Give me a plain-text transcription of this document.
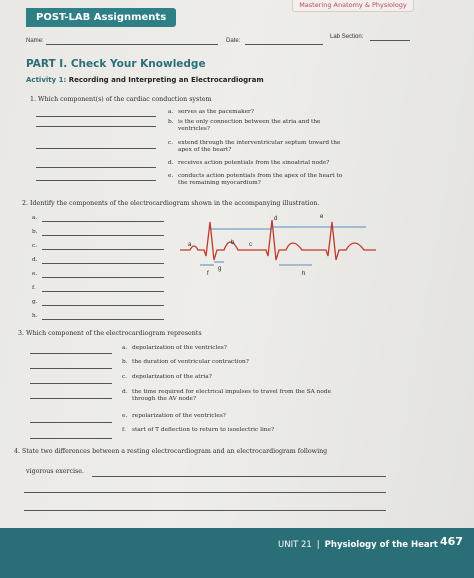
Mastering Anatomy & Physiology
POST-LAB Assignments
Name:	Date:
Lab Section:
PART I. Check Your Knowledge
Activity 1: Recording and Interpreting an Electrocardiogram
1. Which component(s) of the cardiac conduction system
a. serves as the pacemaker?
b. is the only connection between the atria and the
ventricles?
c. extend through the interventricular septum toward the
apex of the heart?
d. receives action potentials from the sinoatrial node?
e. conducts action potentials from the apex of the heart to
the remaining myocardium?
2. Identify the components of the electrocardiogram shown in the accompanying illustration.
a.
b.
c.
d.
e.
f.
g.
h.
d	e
a	b c
f
g
h
3. Which component of the electrocardiogram represents
a. depolarization of the ventricles?
b. the duration of ventricular contraction?
c. depolarization of the atria?
d. the time required for electrical impulses to travel from the SA node
through the AV node?
e. repolarization of the ventricles?
f. start of T deflection to return to isoelectric line?
4. State two differences between a resting electrocardiogram and an electrocardiogram following
vigorous exercise.
UNIT 21 | Physiology of the Heart 467
